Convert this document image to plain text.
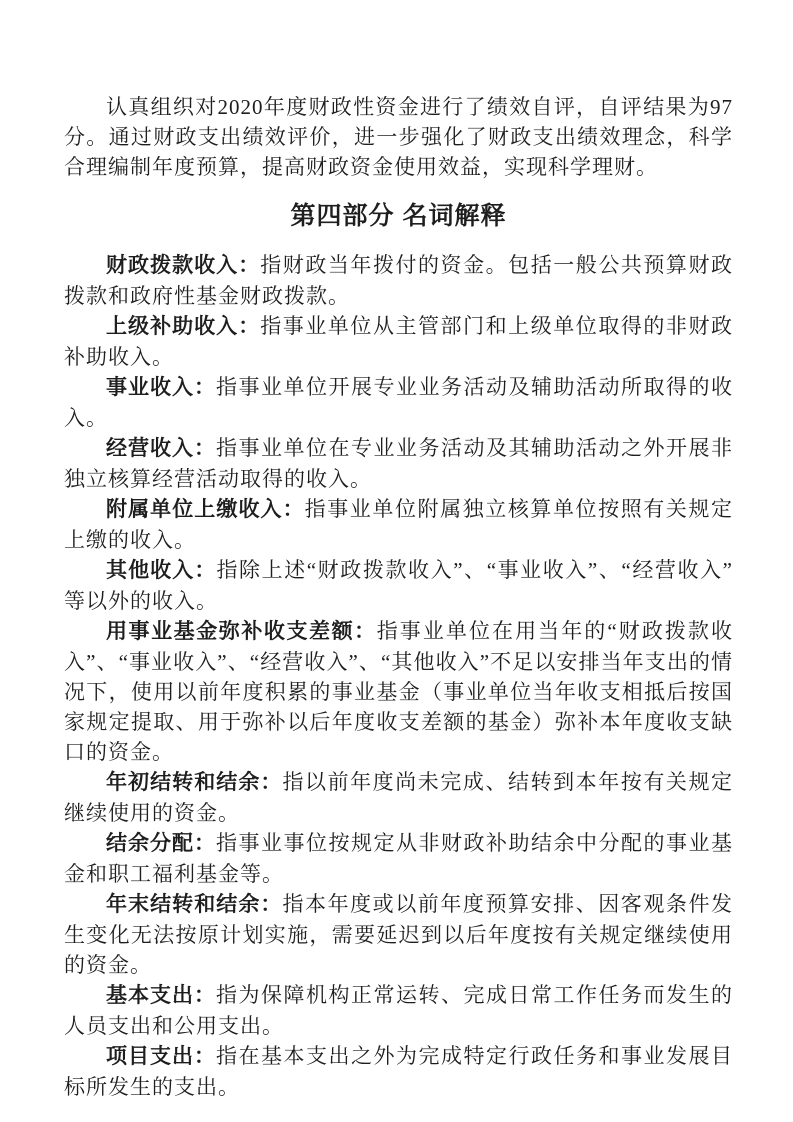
认真组织对2020年度财政性资金进行了绩效自评，自评结果为97分。通过财政支出绩效评价，进一步强化了财政支出绩效理念，科学合理编制年度预算，提高财政资金使用效益，实现科学理财。

第四部分 名词解释

财政拨款收入：指财政当年拨付的资金。包括一般公共预算财政拨款和政府性基金财政拨款。

上级补助收入：指事业单位从主管部门和上级单位取得的非财政补助收入。

事业收入：指事业单位开展专业业务活动及辅助活动所取得的收入。

经营收入：指事业单位在专业业务活动及其辅助活动之外开展非独立核算经营活动取得的收入。

附属单位上缴收入：指事业单位附属独立核算单位按照有关规定上缴的收入。

其他收入：指除上述“财政拨款收入”、“事业收入”、“经营收入”等以外的收入。

用事业基金弥补收支差额：指事业单位在用当年的“财政拨款收入”、“事业收入”、“经营收入”、“其他收入”不足以安排当年支出的情况下，使用以前年度积累的事业基金（事业单位当年收支相抵后按国家规定提取、用于弥补以后年度收支差额的基金）弥补本年度收支缺口的资金。

年初结转和结余：指以前年度尚未完成、结转到本年按有关规定继续使用的资金。

结余分配：指事业事位按规定从非财政补助结余中分配的事业基金和职工福利基金等。

年末结转和结余：指本年度或以前年度预算安排、因客观条件发生变化无法按原计划实施，需要延迟到以后年度按有关规定继续使用的资金。

基本支出：指为保障机构正常运转、完成日常工作任务而发生的人员支出和公用支出。

项目支出：指在基本支出之外为完成特定行政任务和事业发展目标所发生的支出。
